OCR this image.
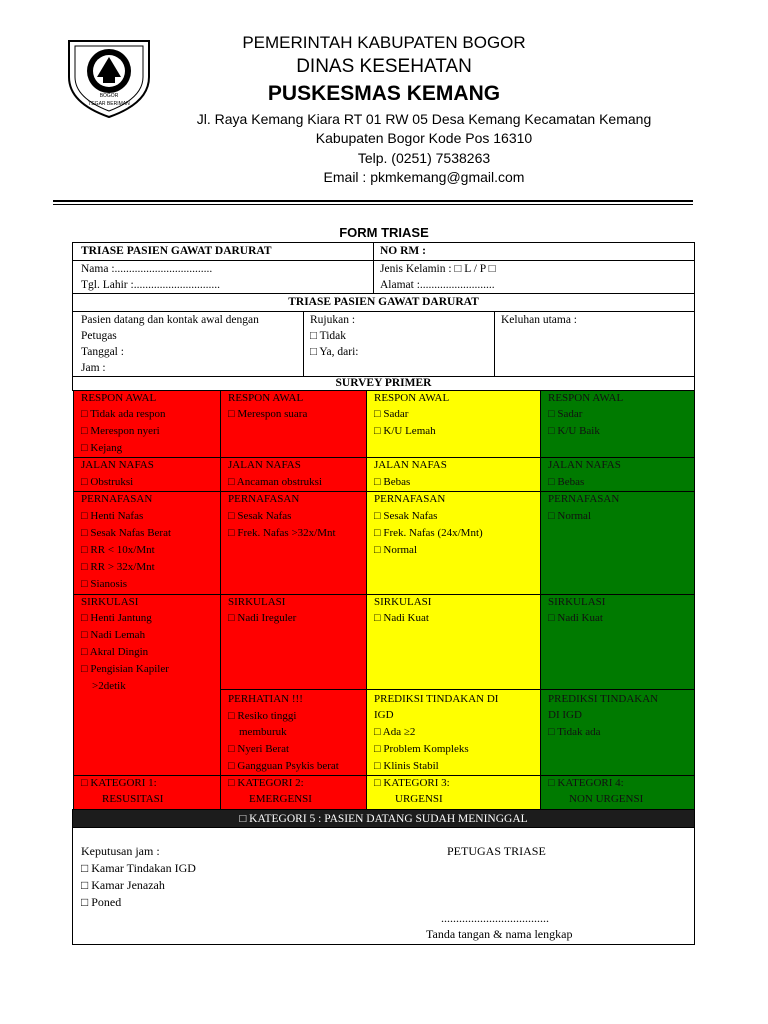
BOGOR
TEGAR BERIMAN
PEMERINTAH KABUPATEN BOGOR
DINAS KESEHATAN
PUSKESMAS KEMANG
Jl. Raya Kemang Kiara RT 01 RW 05 Desa Kemang Kecamatan Kemang
Kabupaten Bogor Kode Pos 16310
Telp. (0251) 7538263
Email : pkmkemang@gmail.com
FORM TRIASE
TRIASE PASIEN GAWAT DARURAT	NO RM :
Nama :..................................
Tgl. Lahir :..............................
Jenis Kelamin : □ L / P □
Alamat :..........................
TRIASE PASIEN GAWAT DARURAT
Pasien datang dan kontak awal dengan
Petugas
Tanggal :
Jam :
Rujukan :
□ Tidak
□ Ya, dari:
Keluhan utama :
SURVEY PRIMER
RESPON AWAL
□ Tidak ada respon
□ Merespon nyeri
□ Kejang
JALAN NAFAS
□ Obstruksi
PERNAFASAN
□ Henti Nafas
□ Sesak Nafas Berat
□ RR < 10x/Mnt
□ RR > 32x/Mnt
□ Sianosis
SIRKULASI
□ Henti Jantung
□ Nadi Lemah
□ Akral Dingin
□ Pengisian Kapiler
>2detik
□ KATEGORI 1:
RESUSITASI
RESPON AWAL
□ Merespon suara
JALAN NAFAS
□ Ancaman obstruksi
PERNAFASAN
□ Sesak Nafas
□ Frek. Nafas >32x/Mnt
SIRKULASI
□ Nadi Ireguler
PERHATIAN !!!
□ Resiko tinggi
memburuk
□ Nyeri Berat
□ Gangguan Psykis berat
□ KATEGORI 2:
EMERGENSI
RESPON AWAL
□ Sadar
□ K/U Lemah
JALAN NAFAS
□ Bebas
PERNAFASAN
□ Sesak Nafas
□ Frek. Nafas (24x/Mnt)
□ Normal
SIRKULASI
□ Nadi Kuat
PREDIKSI TINDAKAN DI
IGD
□ Ada ≥2
□ Problem Kompleks
□ Klinis Stabil
□ KATEGORI 3:
URGENSI
RESPON AWAL
□ Sadar
□ K/U Baik
JALAN NAFAS
□ Bebas
PERNAFASAN
□ Normal
SIRKULASI
□ Nadi Kuat
PREDIKSI TINDAKAN
DI IGD
□ Tidak ada
□ KATEGORI 4:
NON URGENSI
□ KATEGORI 5 : PASIEN DATANG SUDAH MENINGGAL
Keputusan jam :
□ Kamar Tindakan IGD
□ Kamar Jenazah
□ Poned
PETUGAS TRIASE
....................................
Tanda tangan & nama lengkap
